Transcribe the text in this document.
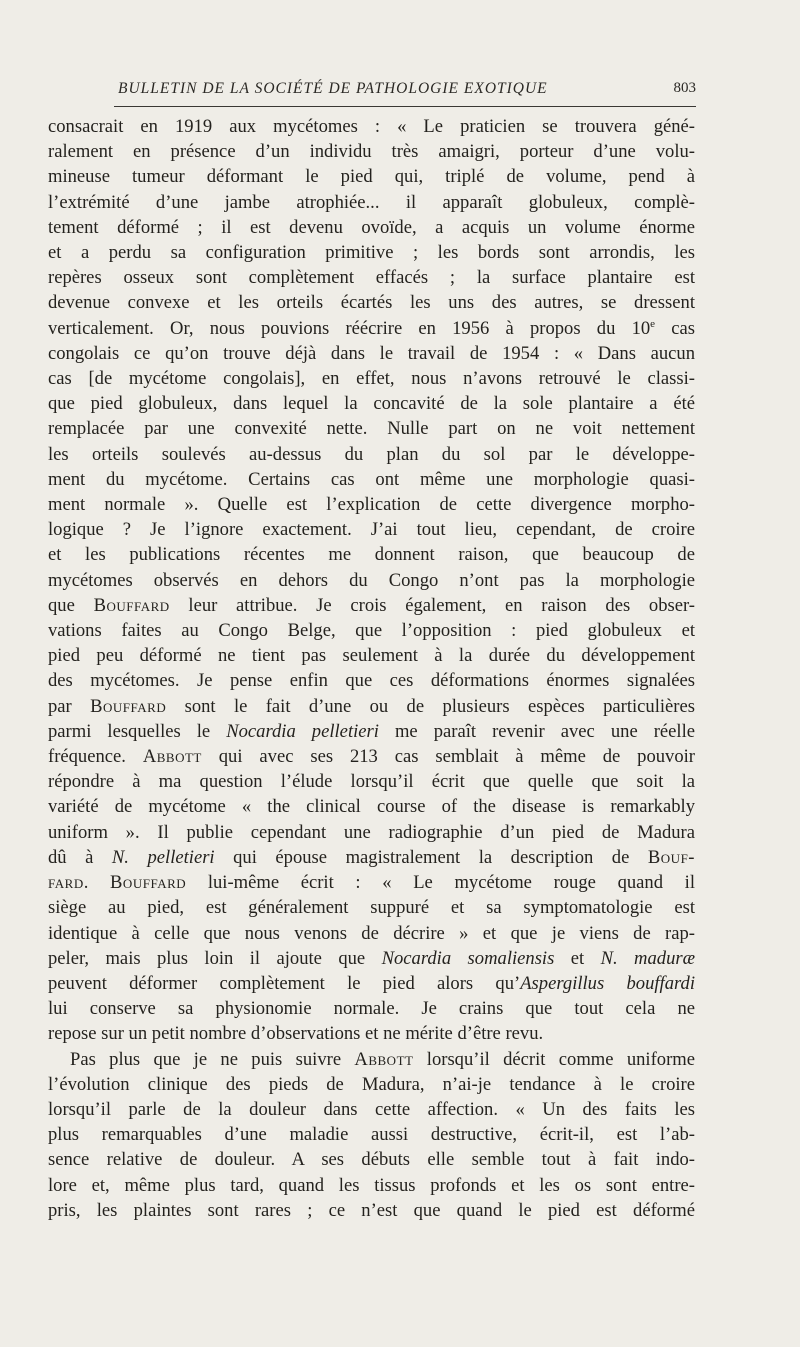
BULLETIN DE LA SOCIÉTÉ DE PATHOLOGIE EXOTIQUE	803

consacrait en 1919 aux mycétomes : « Le praticien se trouvera géné-
ralement en présence d’un individu très amaigri, porteur d’une volu-
mineuse tumeur déformant le pied qui, triplé de volume, pend à
l’extrémité d’une jambe atrophiée... il apparaît globuleux, complè-
tement déformé ; il est devenu ovoïde, a acquis un volume énorme
et a perdu sa configuration primitive ; les bords sont arrondis, les
repères osseux sont complètement effacés ; la surface plantaire est
devenue convexe et les orteils écartés les uns des autres, se dressent
verticalement. Or, nous pouvions réécrire en 1956 à propos du 10e cas
congolais ce qu’on trouve déjà dans le travail de 1954 : « Dans aucun
cas [de mycétome congolais], en effet, nous n’avons retrouvé le classi-
que pied globuleux, dans lequel la concavité de la sole plantaire a été
remplacée par une convexité nette. Nulle part on ne voit nettement
les orteils soulevés au-dessus du plan du sol par le développe-
ment du mycétome. Certains cas ont même une morphologie quasi-
ment normale ». Quelle est l’explication de cette divergence morpho-
logique ? Je l’ignore exactement. J’ai tout lieu, cependant, de croire
et les publications récentes me donnent raison, que beaucoup de
mycétomes observés en dehors du Congo n’ont pas la morphologie
que Bouffard leur attribue. Je crois également, en raison des obser-
vations faites au Congo Belge, que l’opposition : pied globuleux et
pied peu déformé ne tient pas seulement à la durée du développement
des mycétomes. Je pense enfin que ces déformations énormes signalées
par Bouffard sont le fait d’une ou de plusieurs espèces particulières
parmi lesquelles le Nocardia pelletieri me paraît revenir avec une réelle
fréquence. Abbott qui avec ses 213 cas semblait à même de pouvoir
répondre à ma question l’élude lorsqu’il écrit que quelle que soit la
variété de mycétome « the clinical course of the disease is remarkably
uniform ». Il publie cependant une radiographie d’un pied de Madura
dû à N. pelletieri qui épouse magistralement la description de Bouf-
fard. Bouffard lui-même écrit : « Le mycétome rouge quand il
siège au pied, est généralement suppuré et sa symptomatologie est
identique à celle que nous venons de décrire » et que je viens de rap-
peler, mais plus loin il ajoute que Nocardia somaliensis et N. maduræ
peuvent déformer complètement le pied alors qu’Aspergillus bouffardi
lui conserve sa physionomie normale. Je crains que tout cela ne
repose sur un petit nombre d’observations et ne mérite d’être revu.

Pas plus que je ne puis suivre Abbott lorsqu’il décrit comme uniforme
l’évolution clinique des pieds de Madura, n’ai-je tendance à le croire
lorsqu’il parle de la douleur dans cette affection. « Un des faits les
plus remarquables d’une maladie aussi destructive, écrit-il, est l’ab-
sence relative de douleur. A ses débuts elle semble tout à fait indo-
lore et, même plus tard, quand les tissus profonds et les os sont entre-
pris, les plaintes sont rares ; ce n’est que quand le pied est déformé
